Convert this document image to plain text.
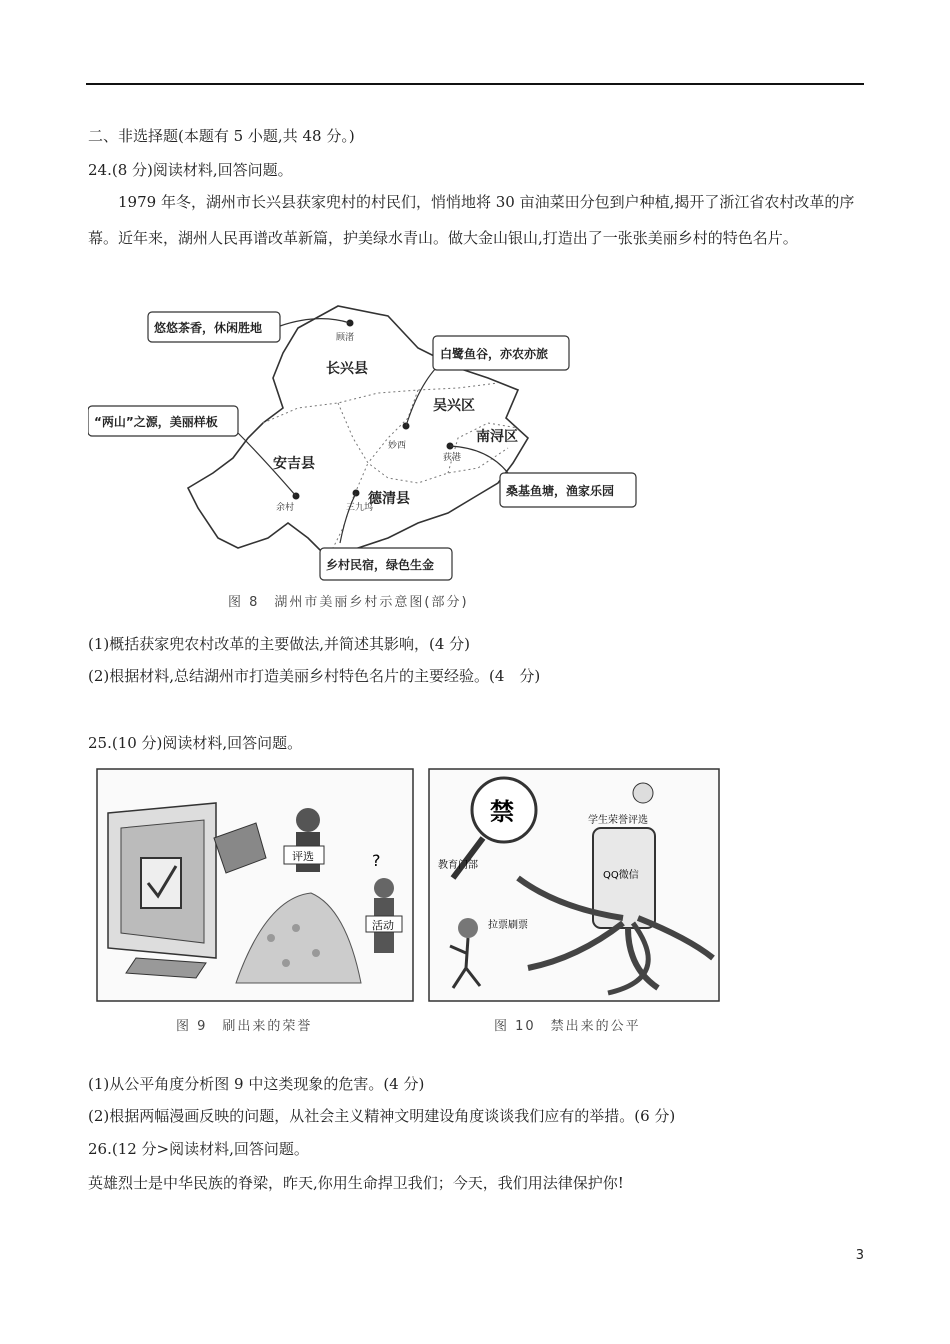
二、非选择题(本题有 5 小题,共 48 分。)
24.(8 分)阅读材料,回答问题。
1979 年冬，湖州市长兴县获家兜村的村民们，悄悄地将 30 亩油菜田分包到户种植,揭开了浙江省农村改革的序幕。近年来，湖州人民再谱改革新篇，护美绿水青山。做大金山银山,打造出了一张张美丽乡村的特色名片。
长兴县
吴兴区
南浔区
安吉县
德清县
顾渚
妙西
荻港
余村	三九坞
悠悠茶香，休闲胜地
白鹭鱼谷，亦农亦旅
“两山”之源，美丽样板
桑基鱼塘，渔家乐园
乡村民宿，绿色生金
图 8　湖州市美丽乡村示意图(部分)
(1)概括获家兜农村改革的主要做法,并简述其影响，(4 分)
(2)根据材料,总结湖州市打造美丽乡村特色名片的主要经验。(4　分)
25.(10 分)阅读材料,回答问题。
评选
活动
?
图 9　刷出来的荣誉
禁
教育门部
学生荣誉评选
QQ微信
拉票刷票
图 10　禁出来的公平
(1)从公平角度分析图 9 中这类现象的危害。(4 分)
(2)根据两幅漫画反映的问题，从社会主义精神文明建设角度谈谈我们应有的举措。(6 分)
26.(12 分>阅读材料,回答问题。
英雄烈士是中华民族的脊梁，昨天,你用生命捍卫我们；今天，我们用法律保护你!
3
